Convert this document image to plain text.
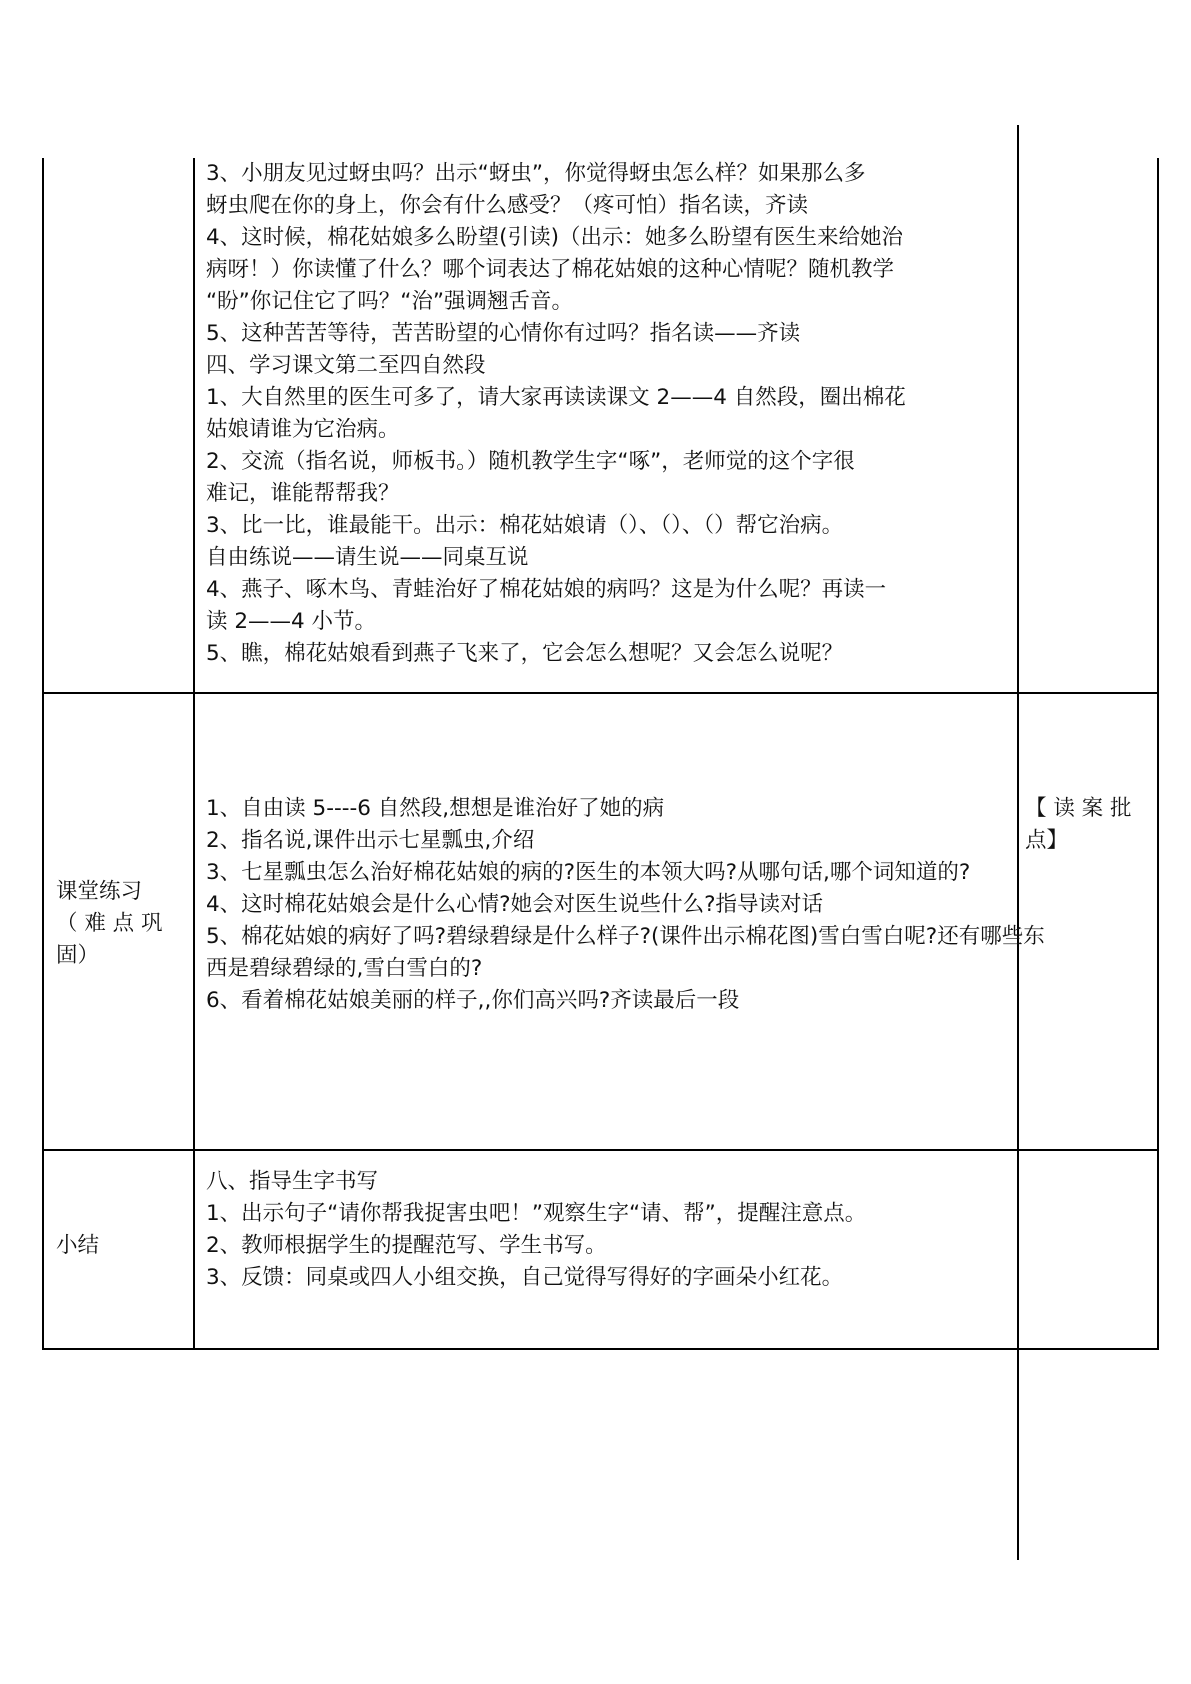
3、小朋友见过蚜虫吗？出示“蚜虫”，你觉得蚜虫怎么样？如果那么多
蚜虫爬在你的身上，你会有什么感受？（疼可怕）指名读，齐读
4、这时候，棉花姑娘多么盼望(引读)（出示：她多么盼望有医生来给她治
病呀！）你读懂了什么？哪个词表达了棉花姑娘的这种心情呢？随机教学
“盼”你记住它了吗？“治”强调翘舌音。
5、这种苦苦等待，苦苦盼望的心情你有过吗？指名读——齐读
四、学习课文第二至四自然段
1、大自然里的医生可多了，请大家再读读课文 2——4 自然段，圈出棉花
姑娘请谁为它治病。
2、交流（指名说，师板书。）随机教学生字“啄”，老师觉的这个字很
难记，谁能帮帮我？
3、比一比，谁最能干。出示：棉花姑娘请（）、（）、（）帮它治病。
自由练说——请生说——同桌互说
4、燕子、啄木鸟、青蛙治好了棉花姑娘的病吗？这是为什么呢？再读一
读 2——4 小节。
5、瞧，棉花姑娘看到燕子飞来了，它会怎么想呢？又会怎么说呢？
课堂练习
（ 难 点 巩
固）
1、自由读 5----6 自然段,想想是谁治好了她的病
2、指名说,课件出示七星瓢虫,介绍
3、七星瓢虫怎么治好棉花姑娘的病的?医生的本领大吗?从哪句话,哪个词知道的?
4、这时棉花姑娘会是什么心情?她会对医生说些什么?指导读对话
5、棉花姑娘的病好了吗?碧绿碧绿是什么样子?(课件出示棉花图)雪白雪白呢?还有哪些东
西是碧绿碧绿的,雪白雪白的?
6、看着棉花姑娘美丽的样子,,你们高兴吗?齐读最后一段
【 读 案 批
点】
小结
八、指导生字书写
1、出示句子“请你帮我捉害虫吧！”观察生字“请、帮”，提醒注意点。
2、教师根据学生的提醒范写、学生书写。
3、反馈：同桌或四人小组交换，自己觉得写得好的字画朵小红花。
